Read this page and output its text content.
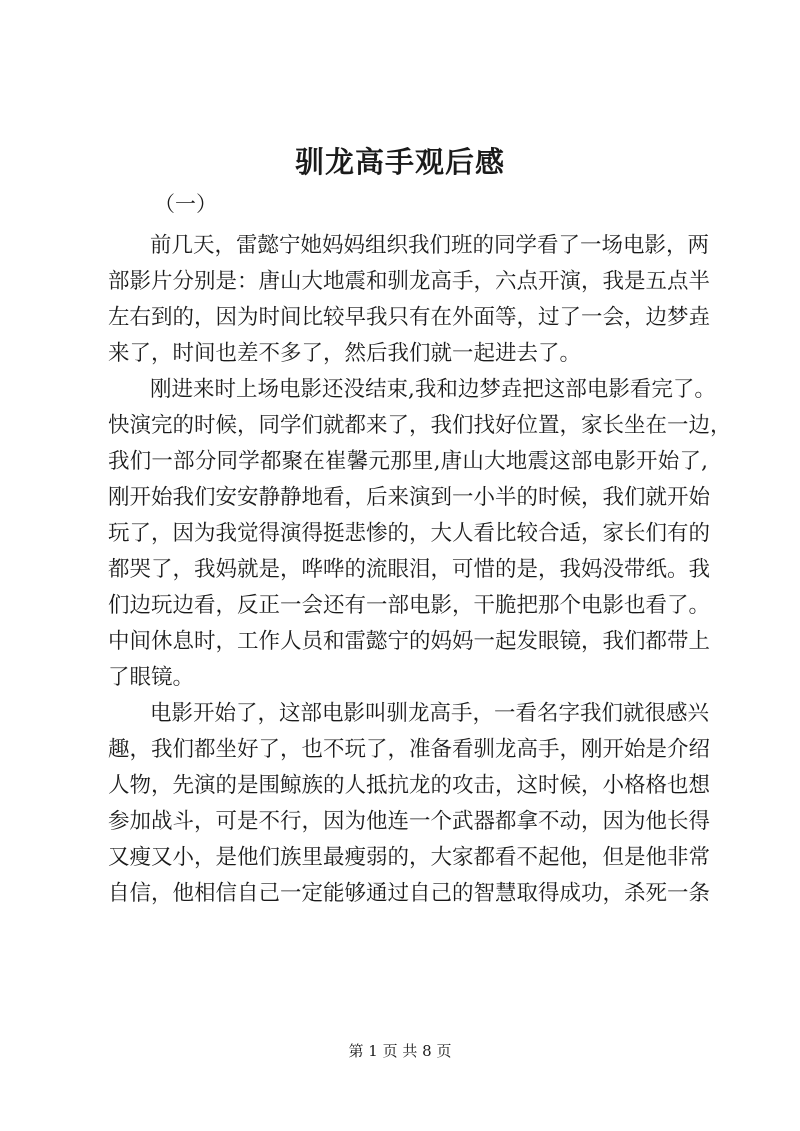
驯龙高手观后感
（一）
前几天，雷懿宁她妈妈组织我们班的同学看了一场电影，两
部影片分别是：唐山大地震和驯龙高手，六点开演，我是五点半
左右到的，因为时间比较早我只有在外面等，过了一会，边梦垚
来了，时间也差不多了，然后我们就一起进去了。
刚进来时上场电影还没结束,我和边梦垚把这部电影看完了。
快演完的时候，同学们就都来了，我们找好位置，家长坐在一边，
我们一部分同学都聚在崔馨元那里,唐山大地震这部电影开始了,
刚开始我们安安静静地看，后来演到一小半的时候，我们就开始
玩了，因为我觉得演得挺悲惨的，大人看比较合适，家长们有的
都哭了，我妈就是，哗哗的流眼泪，可惜的是，我妈没带纸。我
们边玩边看，反正一会还有一部电影，干脆把那个电影也看了。
中间休息时，工作人员和雷懿宁的妈妈一起发眼镜，我们都带上
了眼镜。
电影开始了，这部电影叫驯龙高手，一看名字我们就很感兴
趣，我们都坐好了，也不玩了，准备看驯龙高手，刚开始是介绍
人物，先演的是围鲸族的人抵抗龙的攻击，这时候，小格格也想
参加战斗，可是不行，因为他连一个武器都拿不动，因为他长得
又瘦又小，是他们族里最瘦弱的，大家都看不起他，但是他非常
自信，他相信自己一定能够通过自己的智慧取得成功，杀死一条
第 1 页 共 8 页
